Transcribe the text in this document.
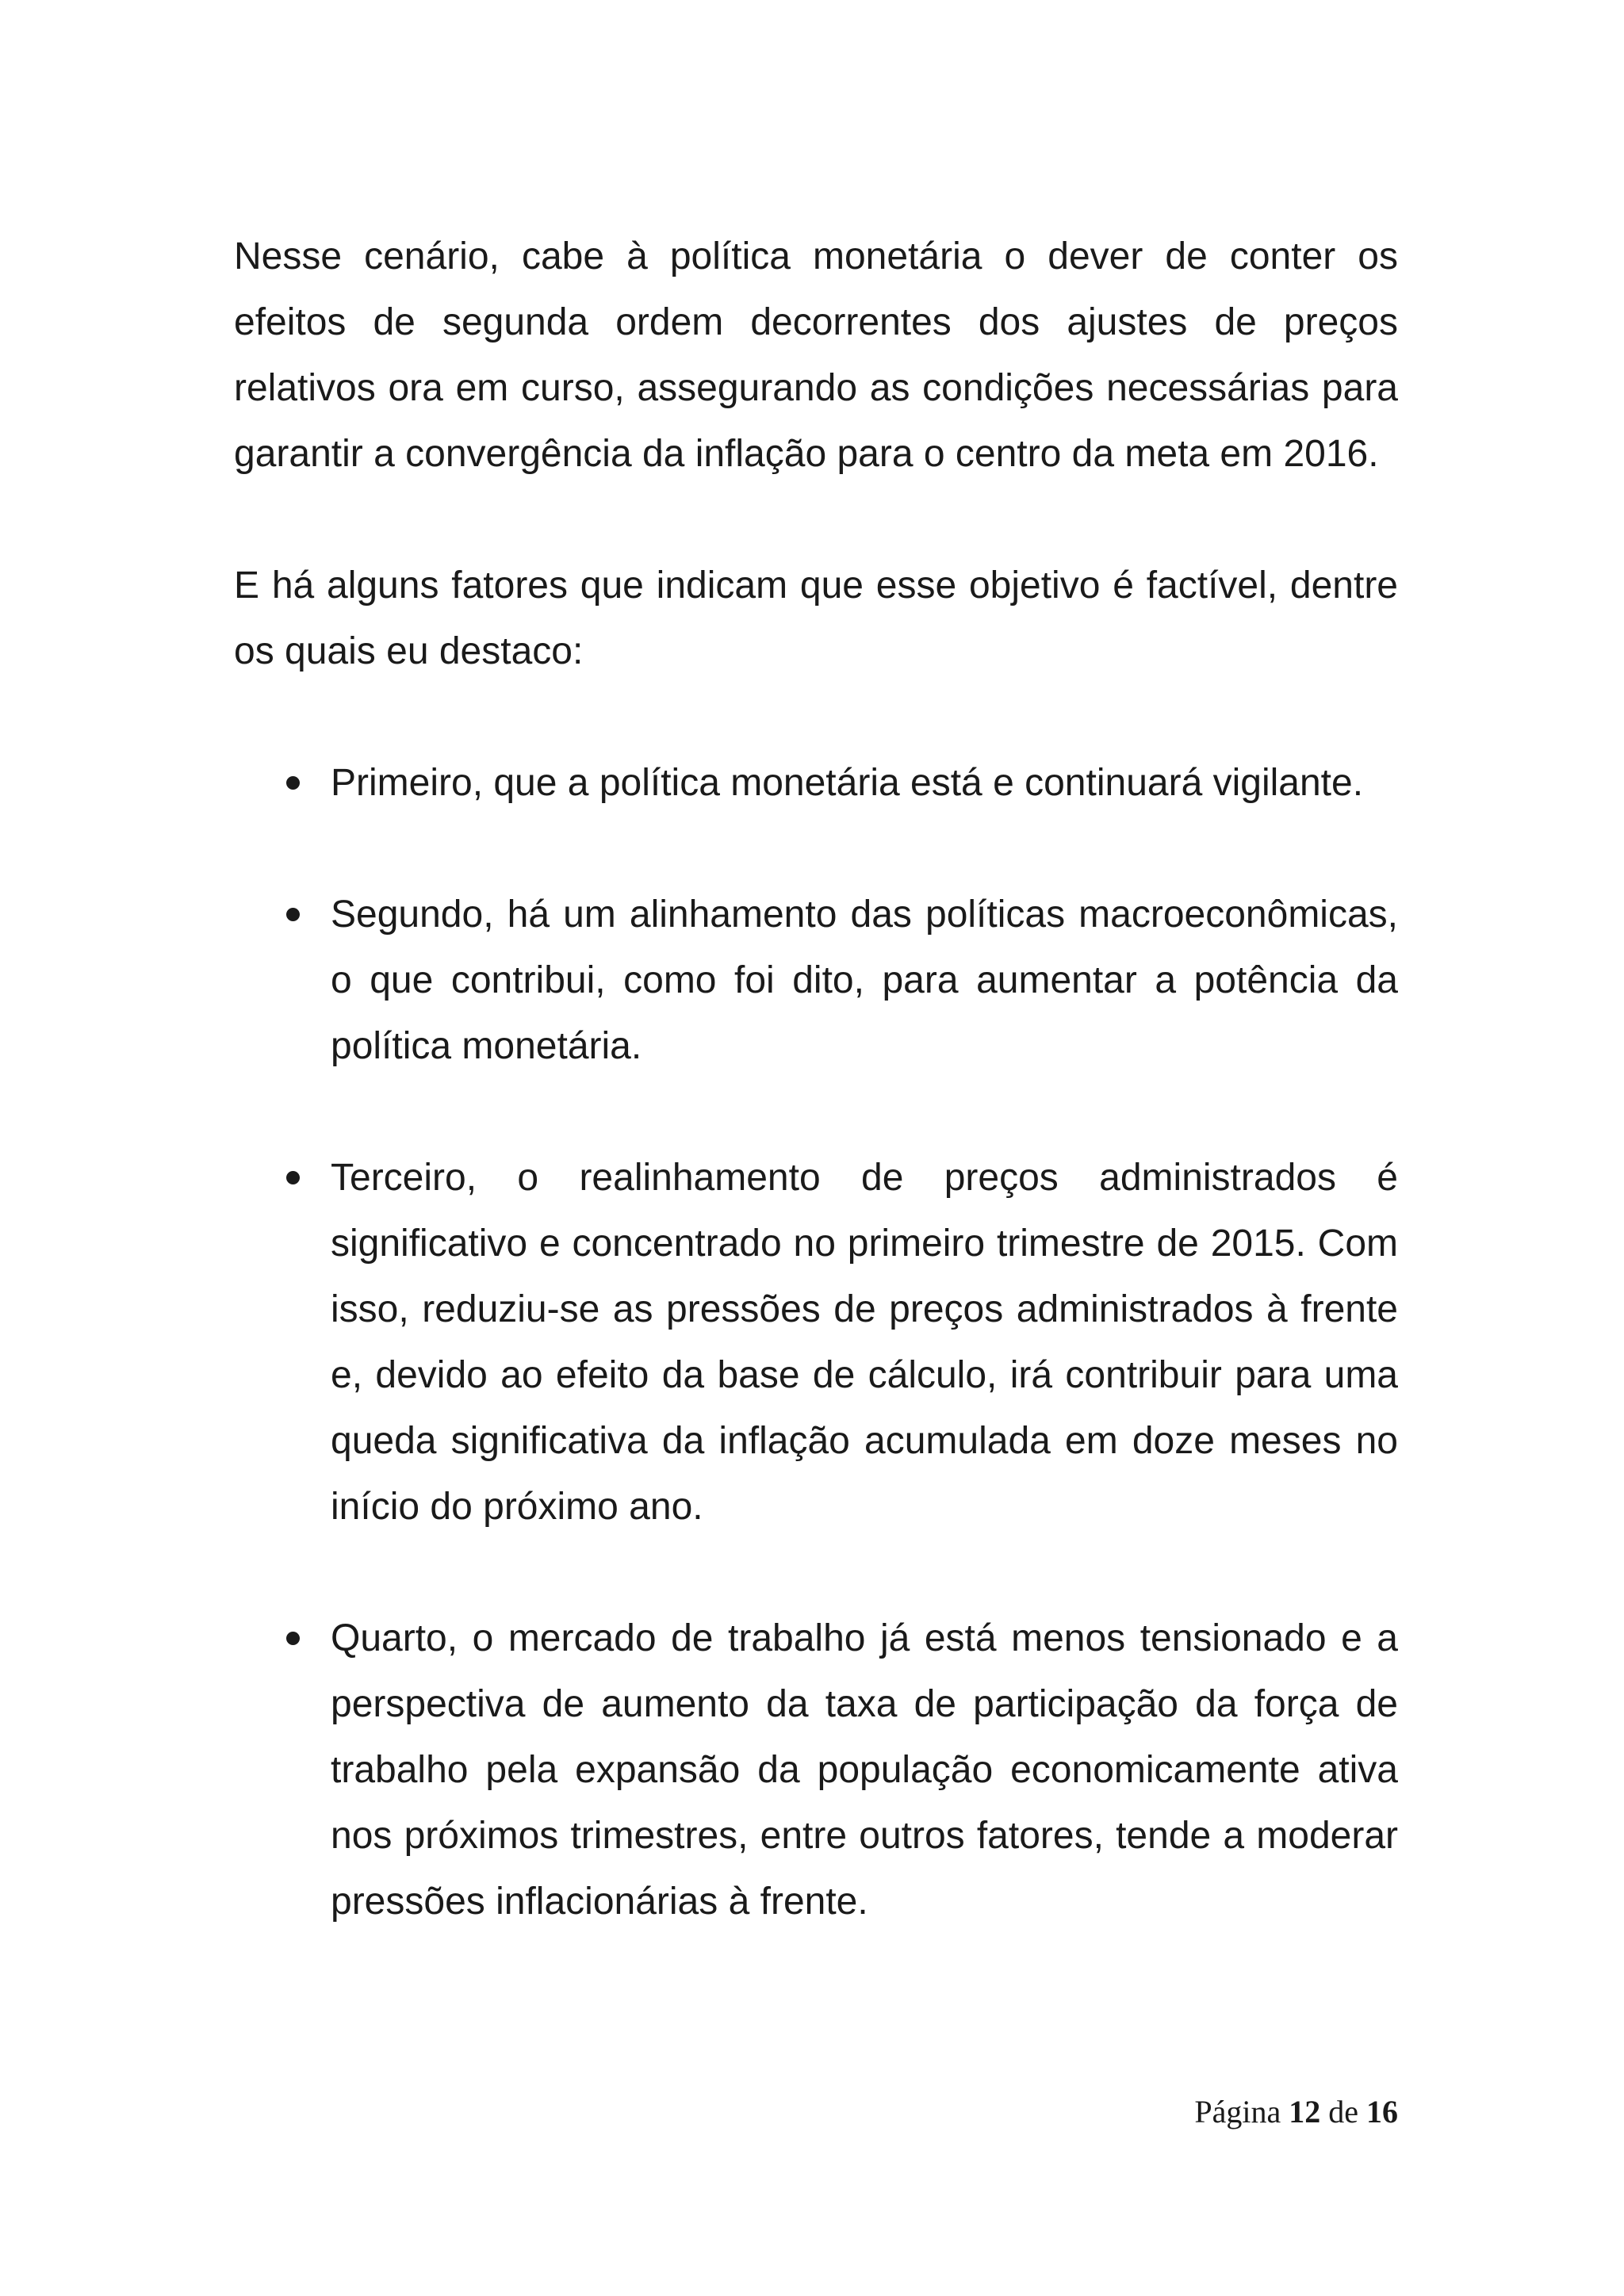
Nesse cenário, cabe à política monetária o dever de conter os efeitos de segunda ordem decorrentes dos ajustes de preços relativos ora em curso, assegurando as condições necessárias para garantir a convergência da inflação para o centro da meta em 2016.

E há alguns fatores que indicam que esse objetivo é factível, dentre os quais eu destaco:

Primeiro, que a política monetária está e continuará vigilante.
Segundo, há um alinhamento das políticas macroeconômicas, o que contribui, como foi dito, para aumentar a potência da política monetária.
Terceiro, o realinhamento de preços administrados é significativo e concentrado no primeiro trimestre de 2015. Com isso, reduziu-se as pressões de preços administrados à frente e, devido ao efeito da base de cálculo, irá contribuir para uma queda significativa da inflação acumulada em doze meses no início do próximo ano.
Quarto, o mercado de trabalho já está menos tensionado e a perspectiva de aumento da taxa de participação da força de trabalho pela expansão da população economicamente ativa nos próximos trimestres, entre outros fatores, tende a moderar pressões inflacionárias à frente.
Página 12 de 16
